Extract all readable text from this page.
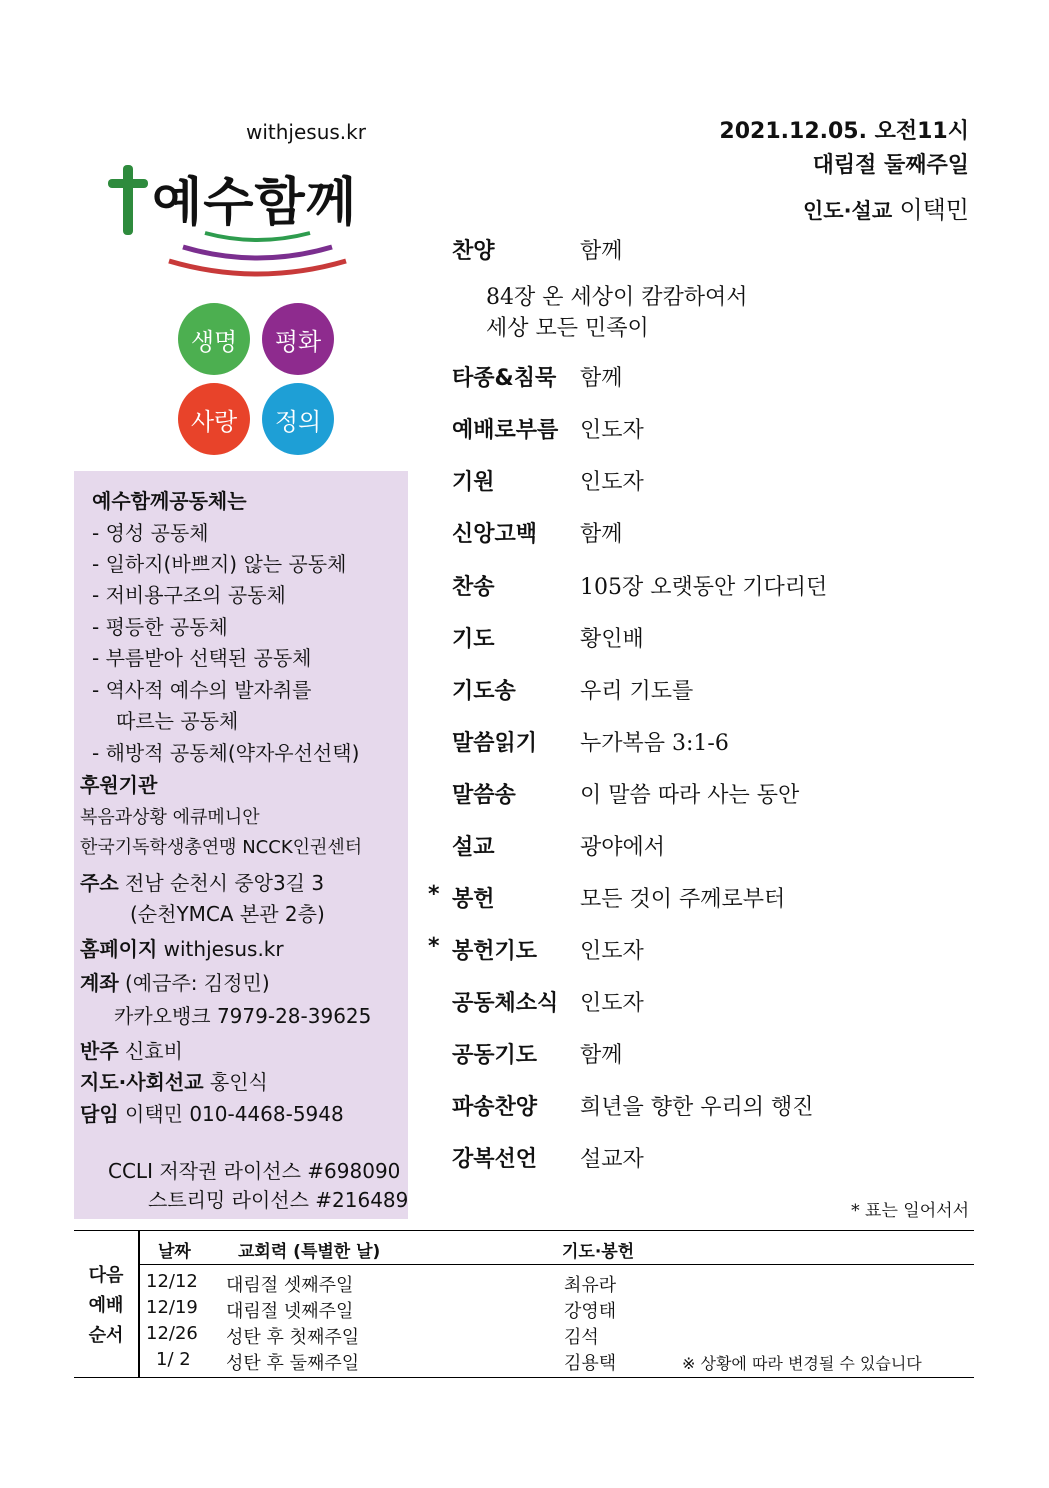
withjesus.kr
예수함께
생명	평화
사랑	정의
2021.12.05. 오전11시
대림절 둘째주일
인도·설교 이택민
예수함께공동체는
- 영성 공동체
- 일하지(바쁘지) 않는 공동체
- 저비용구조의 공동체
- 평등한 공동체
- 부름받아 선택된 공동체
- 역사적 예수의 발자취를
따르는 공동체
- 해방적 공동체(약자우선선택)
후원기관
복음과상황 에큐메니안
한국기독학생총연맹 NCCK인권센터
주소 전남 순천시 중앙3길 3
(순천YMCA 본관 2층)
홈페이지 withjesus.kr
계좌 (예금주: 김정민)
카카오뱅크 7979-28-39625
반주 신효비
지도·사회선교 홍인식
담임 이택민 010-4468-5948
CCLI 저작권 라이선스 #698090
스트리밍 라이선스 #216489
찬양	함께
타종&침묵 함께
예배로부름 인도자
기원	인도자
신앙고백 함께
찬송	105장 오랫동안 기다리던
기도	황인배
기도송	우리 기도를
말씀읽기 누가복음 3:1-6
말씀송	이 말씀 따라 사는 동안
설교	광야에서
* 봉헌	모든 것이 주께로부터
* 봉헌기도 인도자
공동체소식 인도자
공동기도 함께
파송찬양 희년을 향한 우리의 행진
강복선언 설교자
84장 온 세상이 캄캄하여서
세상 모든 민족이
* 표는 일어서서
다음
예배
순서
날짜	교회력 (특별한 날)	기도·봉헌
12/12 대림절 셋째주일	최유라
12/19 대림절 넷째주일	강영태
12/26 성탄 후 첫째주일	김석
1/ 2 성탄 후 둘째주일	김용택	※ 상황에 따라 변경될 수 있습니다
